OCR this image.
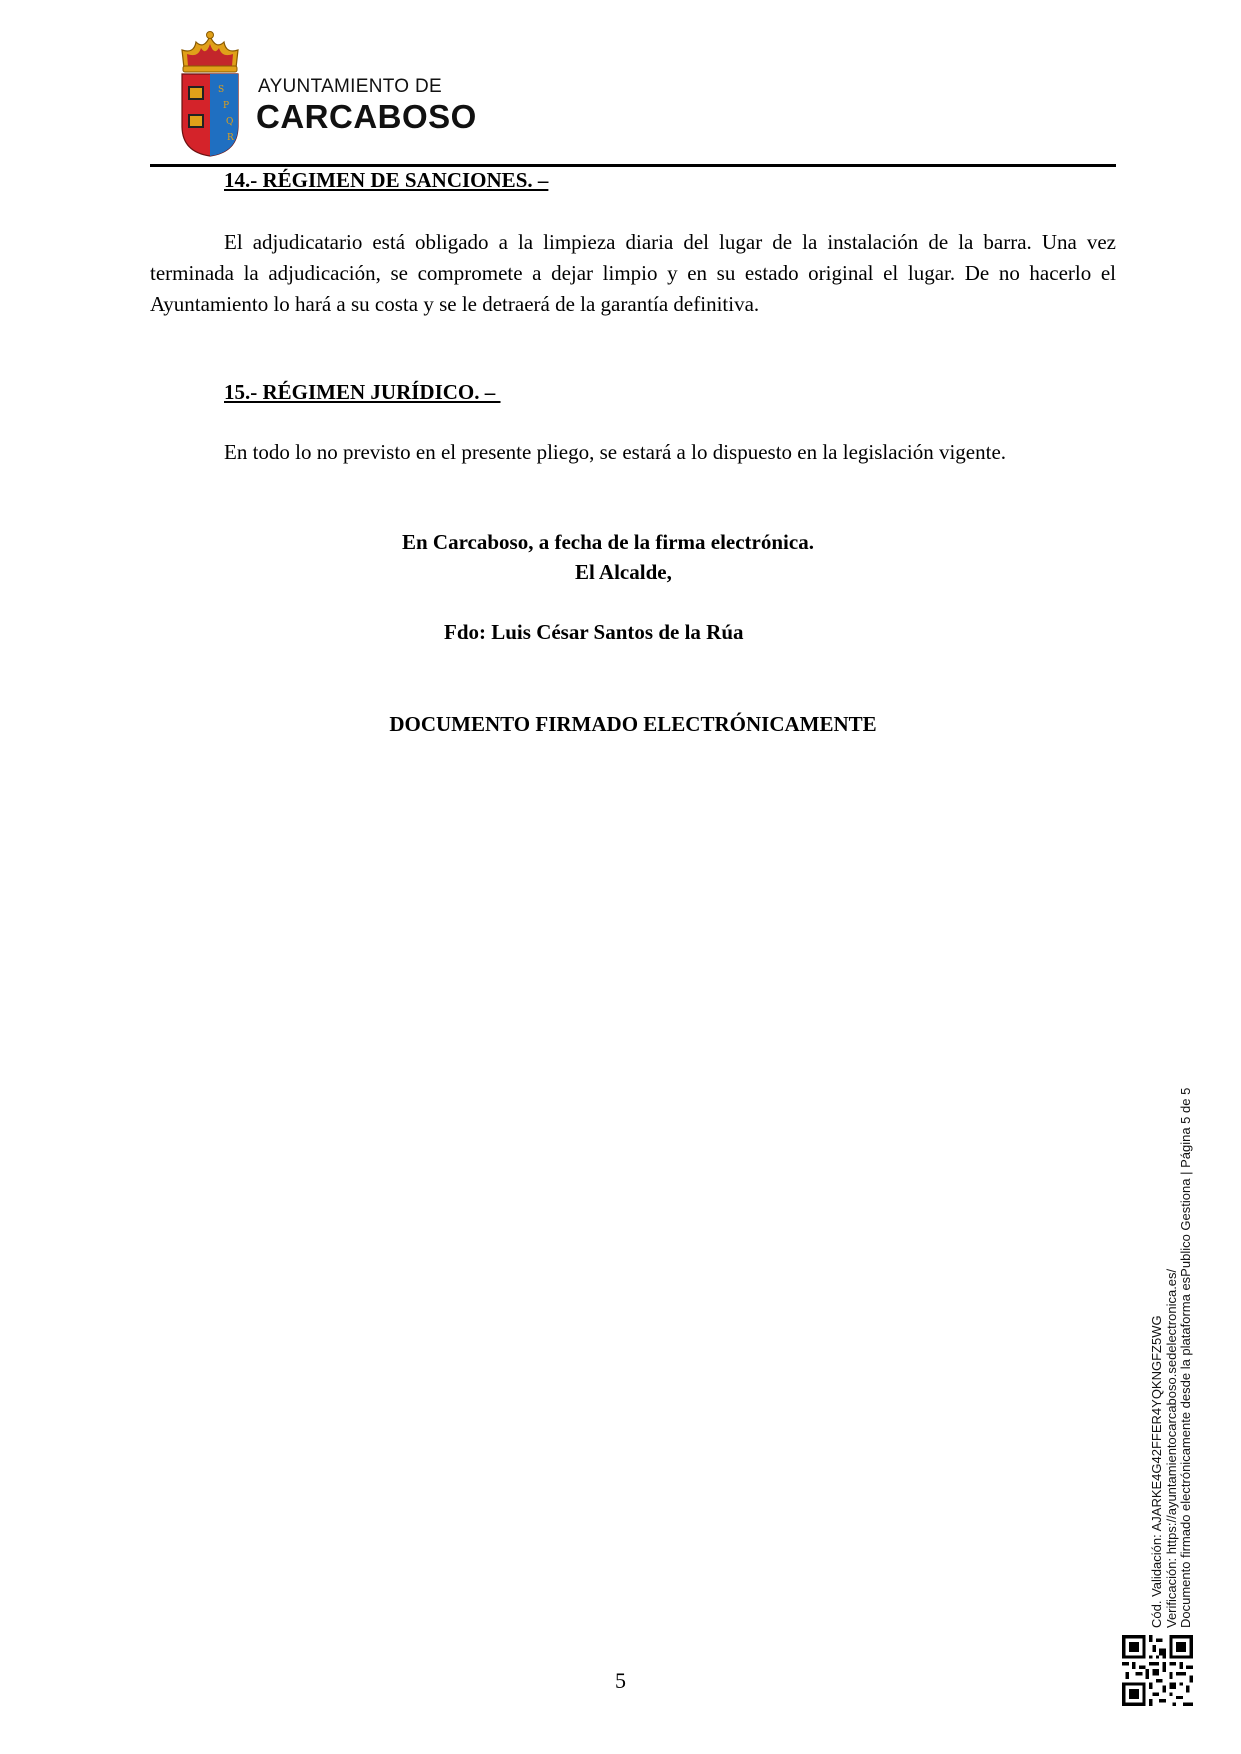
S
P
Q
R
AYUNTAMIENTO DE
CARCABOSO
14.- RÉGIMEN DE SANCIONES. –
El adjudicatario está obligado a la limpieza diaria del lugar de la instalación de la barra. Una vez terminada la adjudicación, se compromete a dejar limpio y en su estado original el lugar. De no hacerlo el Ayuntamiento lo hará a su costa y se le detraerá de la garantía definitiva.
15.- RÉGIMEN JURÍDICO. –
En todo lo no previsto en el presente pliego, se estará a lo dispuesto en la legislación vigente.
En Carcaboso, a fecha de la firma electrónica.
El Alcalde,
Fdo: Luis César Santos de la Rúa
DOCUMENTO FIRMADO ELECTRÓNICAMENTE
Cód. Validación: AJARKE4G42FFER4YQKNGFZ5WG Verificación: https://ayuntamientocarcaboso.sedelectronica.es/ Documento firmado electrónicamente desde la plataforma esPublico Gestiona | Página 5 de 5
5
